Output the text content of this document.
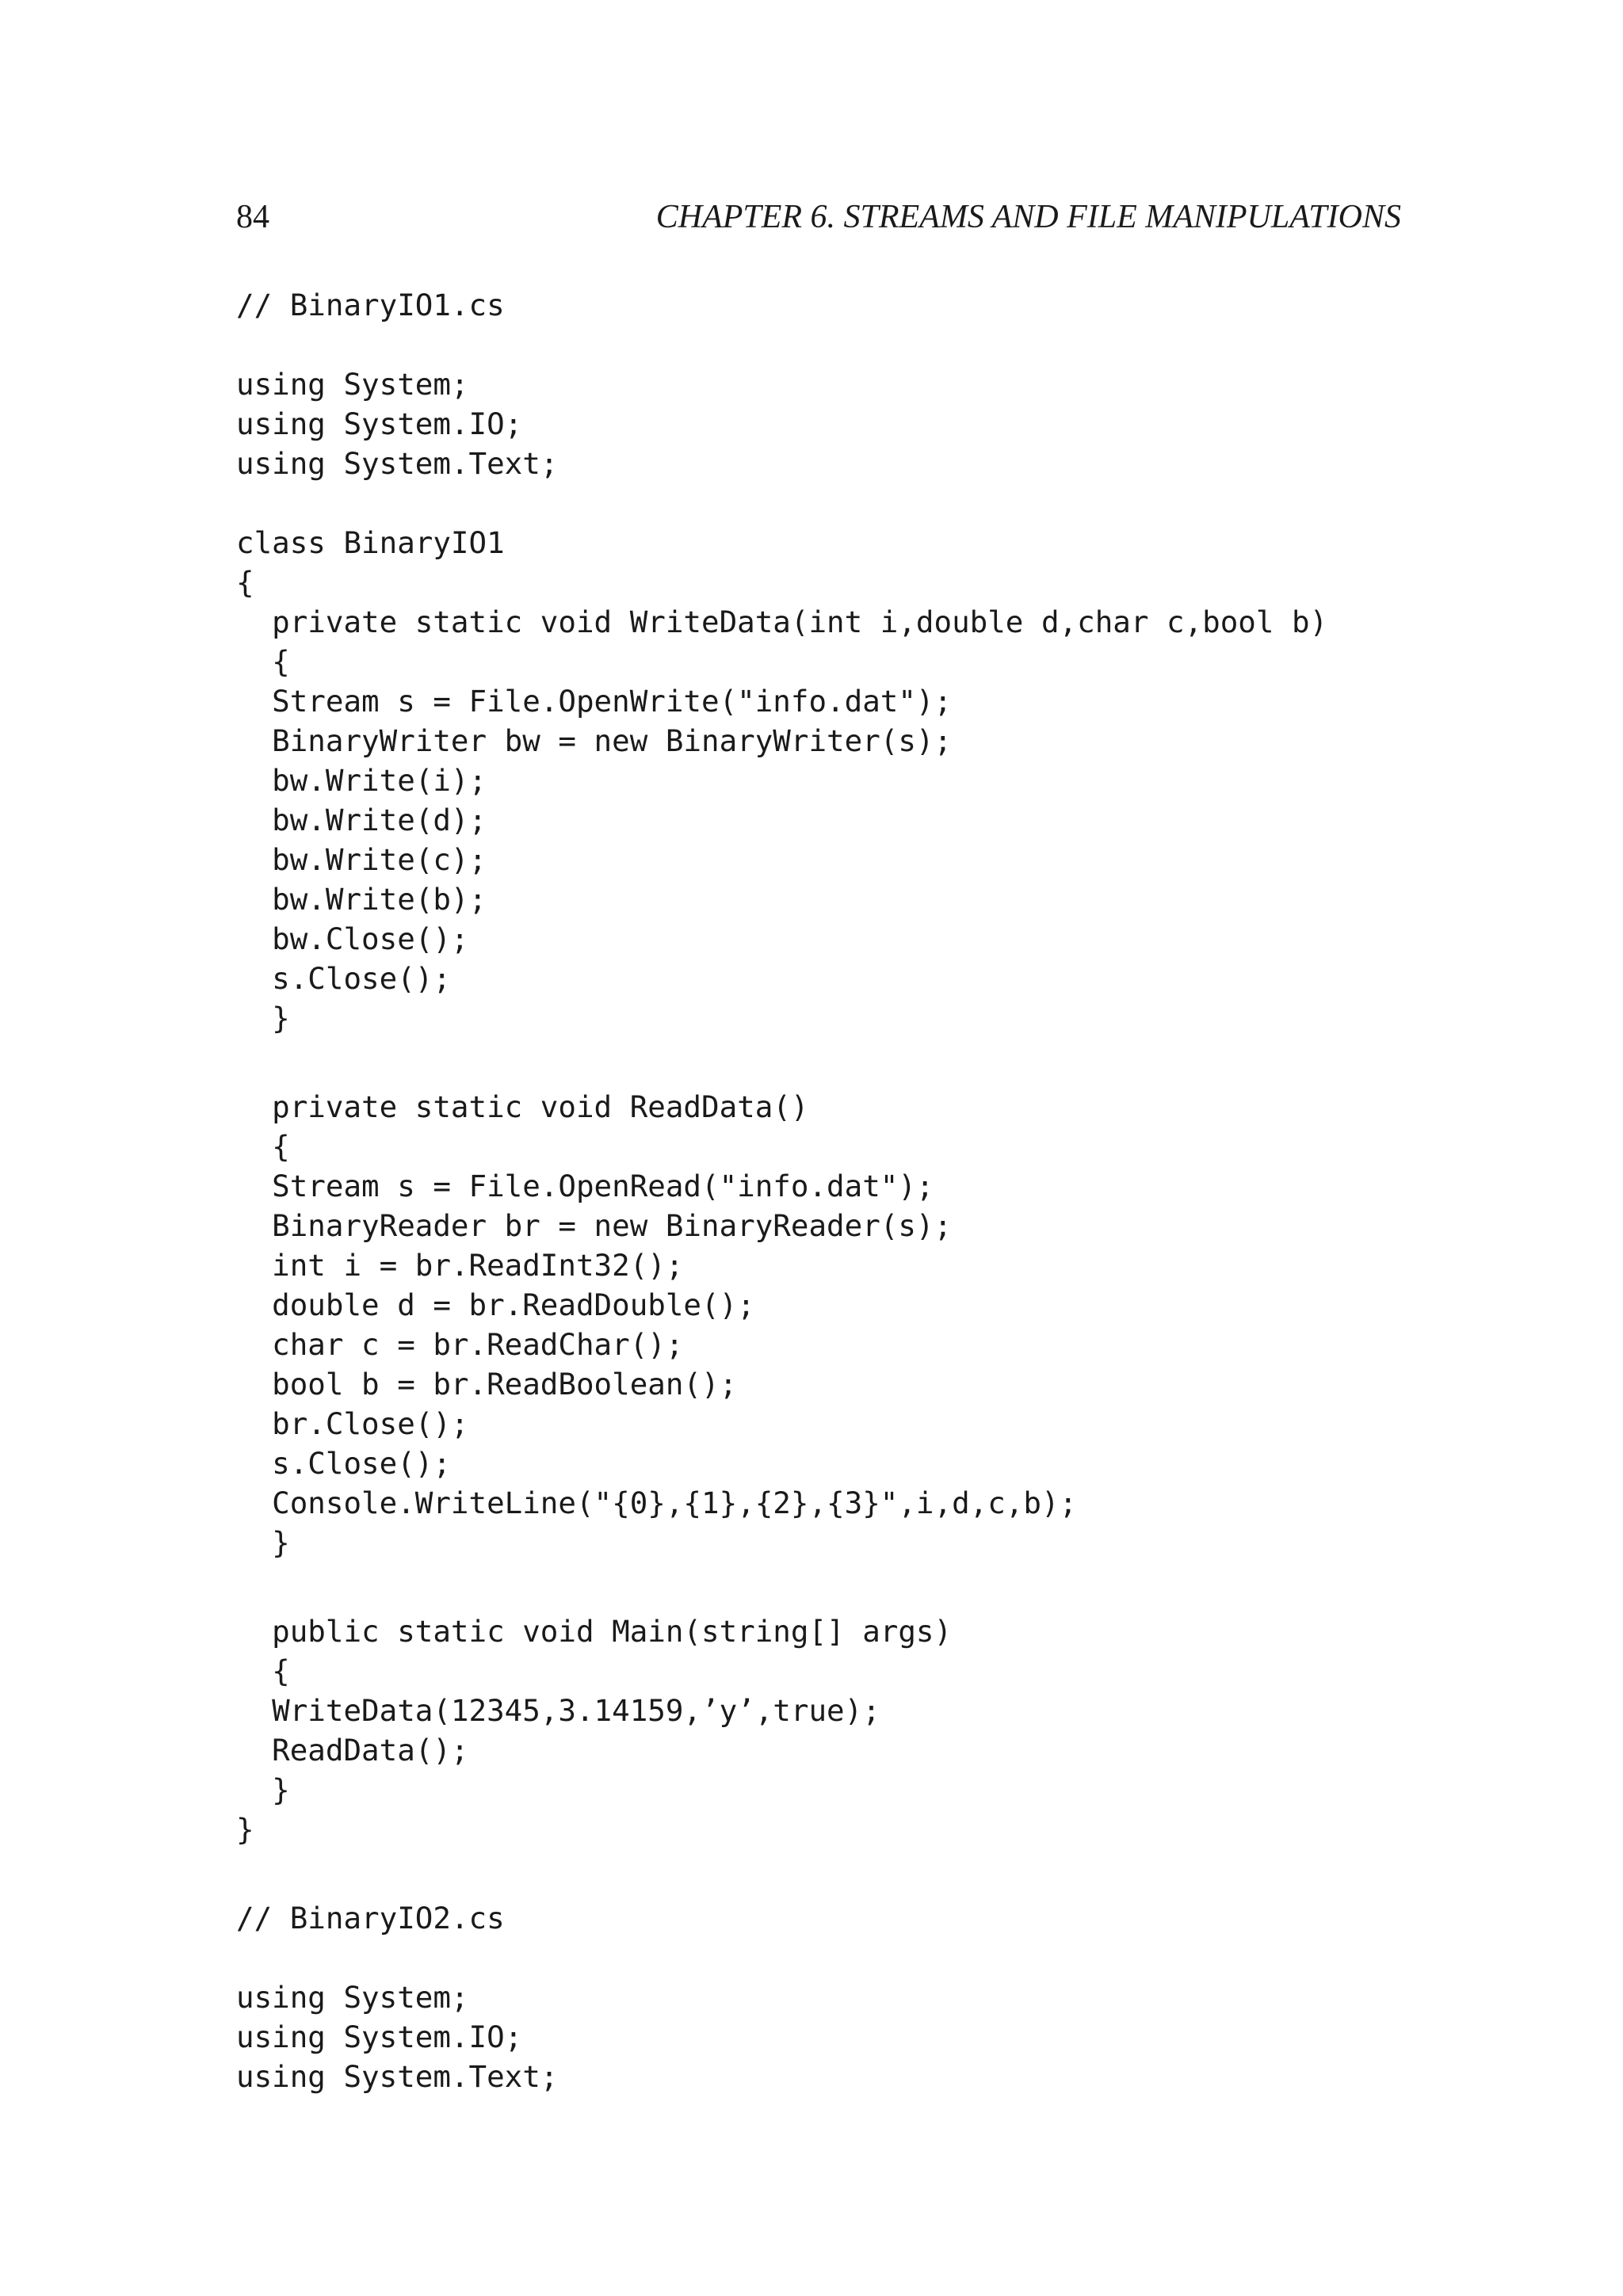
84	CHAPTER 6. STREAMS AND FILE MANIPULATIONS
// BinaryIO1.cs
using System;
using System.IO;
using System.Text;
class BinaryIO1
{
private static void WriteData(int i,double d,char c,bool b)
{
Stream s = File.OpenWrite("info.dat");
BinaryWriter bw = new BinaryWriter(s);
bw.Write(i);
bw.Write(d);
bw.Write(c);
bw.Write(b);
bw.Close();
s.Close();
}
private static void ReadData()
{
Stream s = File.OpenRead("info.dat");
BinaryReader br = new BinaryReader(s);
int i = br.ReadInt32();
double d = br.ReadDouble();
char c = br.ReadChar();
bool b = br.ReadBoolean();
br.Close();
s.Close();
Console.WriteLine("{0},{1},{2},{3}",i,d,c,b);
}
public static void Main(string[] args)
{
WriteData(12345,3.14159,’y’,true);
ReadData();
}
}
// BinaryIO2.cs
using System;
using System.IO;
using System.Text;
